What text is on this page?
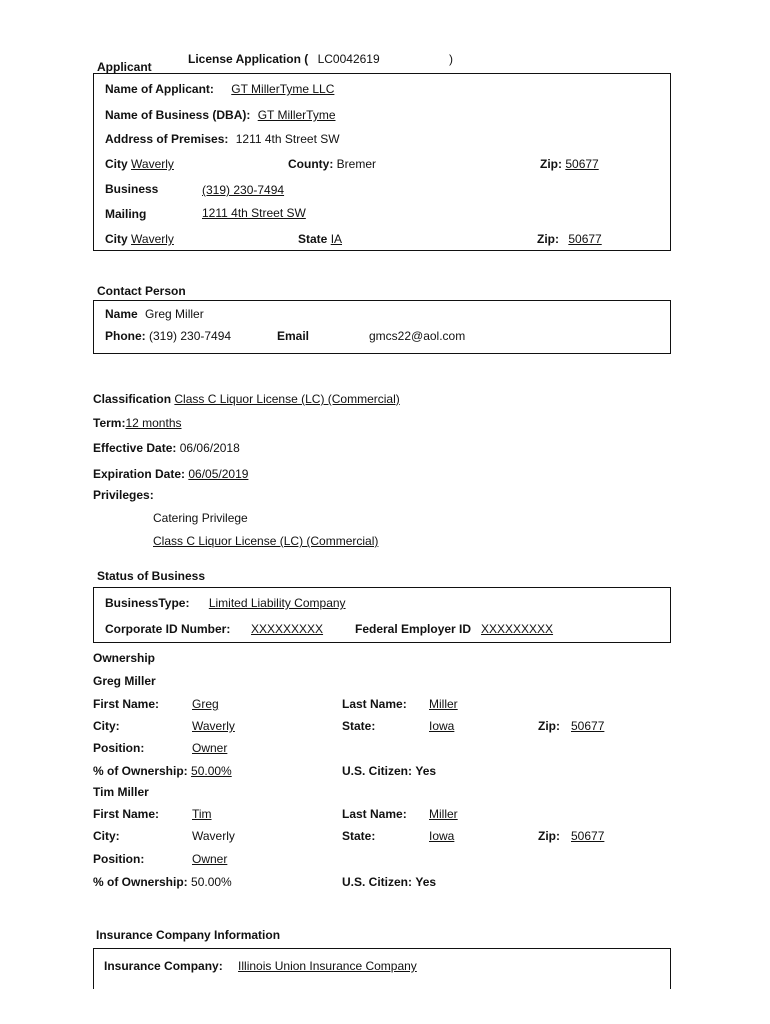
Applicant
License Application ( LC0042619	)
Name of Applicant: GT MillerTyme LLC
Name of Business (DBA): GT MillerTyme
Address of Premises: 1211 4th Street SW
City Waverly	County: Bremer	Zip: 50677
Business	(319) 230-7494
Mailing	1211 4th Street SW
City Waverly	State IA	Zip: 50677
Contact Person
Name Greg Miller
Phone: (319) 230-7494	Email	gmcs22@aol.com
Classification Class C Liquor License (LC) (Commercial)
Term:12 months
Effective Date: 06/06/2018
Expiration Date: 06/05/2019
Privileges:
Catering Privilege
Class C Liquor License (LC) (Commercial)
Status of Business
BusinessType: Limited Liability Company
Corporate ID Number: XXXXXXXXX	Federal Employer ID XXXXXXXXX
Ownership
Greg Miller
First Name:	Greg	Last Name: Miller
City:	Waverly	State:	Iowa	Zip: 50677
Position:	Owner
% of Ownership: 50.00%	U.S. Citizen: Yes
Tim Miller
First Name:	Tim	Last Name: Miller
City:	Waverly	State:	Iowa	Zip: 50677
Position:	Owner
% of Ownership: 50.00%	U.S. Citizen: Yes
Insurance Company Information
Insurance Company: Illinois Union Insurance Company
